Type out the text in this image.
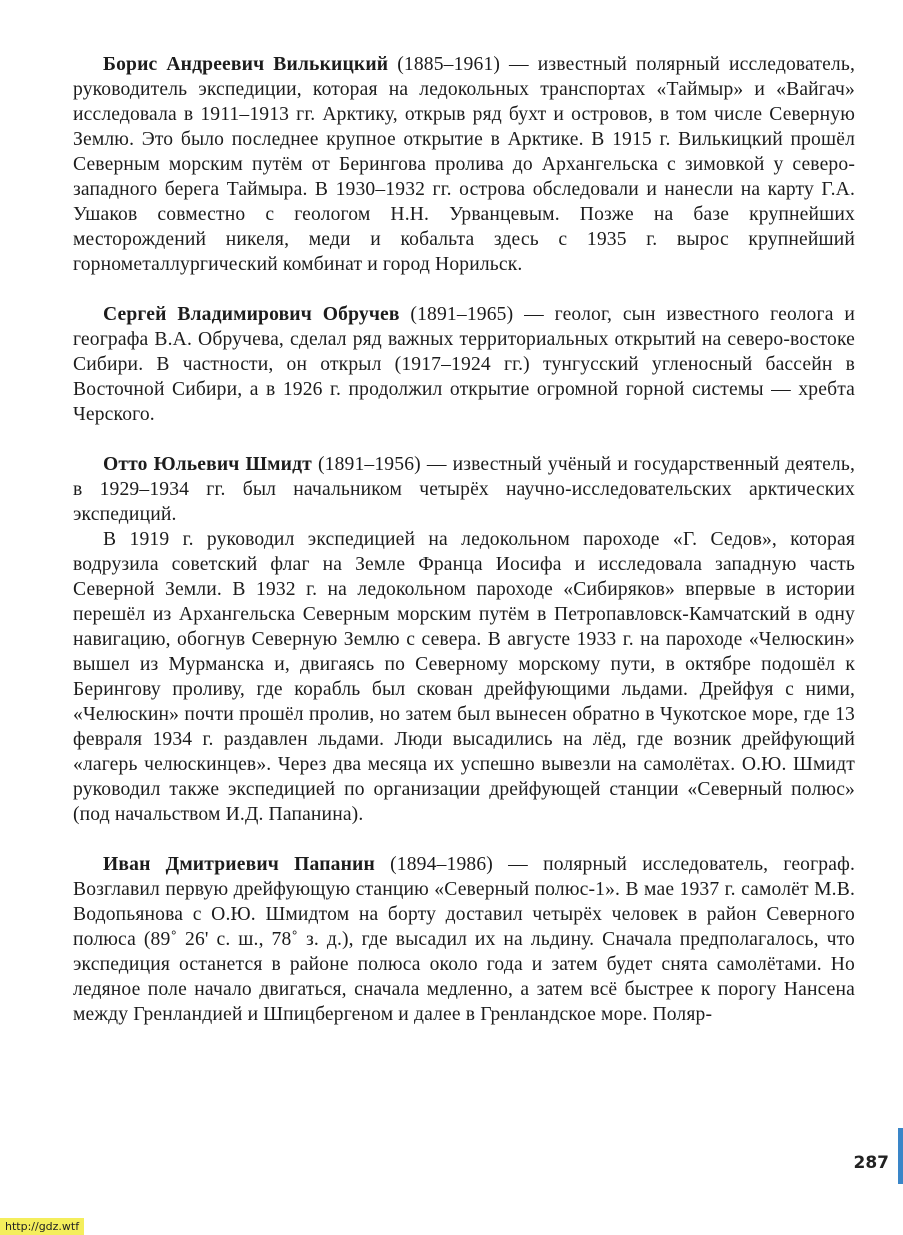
Борис Андреевич Вилькицкий (1885–1961) — известный полярный исследователь, руководитель экспедиции, которая на ледокольных транспортах «Таймыр» и «Вайгач» исследовала в 1911–1913 гг. Арктику, открыв ряд бухт и островов, в том числе Северную Землю. Это было последнее крупное открытие в Арктике. В 1915 г. Вилькицкий прошёл Северным морским путём от Берингова пролива до Архангельска с зимовкой у северо-западного берега Таймыра. В 1930–1932 гг. острова обследовали и нанесли на карту Г.А. Ушаков совместно с геологом Н.Н. Урванцевым. Позже на базе крупнейших месторождений никеля, меди и кобальта здесь с 1935 г. вырос крупнейший горнометаллургический комбинат и город Норильск.

Сергей Владимирович Обручев (1891–1965) — геолог, сын известного геолога и географа В.А. Обручева, сделал ряд важных территориальных открытий на северо-востоке Сибири. В частности, он открыл (1917–1924 гг.) тунгусский угленосный бассейн в Восточной Сибири, а в 1926 г. продолжил открытие огромной горной системы — хребта Черского.

Отто Юльевич Шмидт (1891–1956) — известный учёный и государственный деятель, в 1929–1934 гг. был начальником четырёх научно-исследовательских арктических экспедиций.

В 1919 г. руководил экспедицией на ледокольном пароходе «Г. Седов», которая водрузила советский флаг на Земле Франца Иосифа и исследовала западную часть Северной Земли. В 1932 г. на ледокольном пароходе «Сибиряков» впервые в истории перешёл из Архангельска Северным морским путём в Петропавловск-Камчатский в одну навигацию, обогнув Северную Землю с севера. В августе 1933 г. на пароходе «Челюскин» вышел из Мурманска и, двигаясь по Северному морскому пути, в октябре подошёл к Берингову проливу, где корабль был скован дрейфующими льдами. Дрейфуя с ними, «Челюскин» почти прошёл пролив, но затем был вынесен обратно в Чукотское море, где 13 февраля 1934 г. раздавлен льдами. Люди высадились на лёд, где возник дрейфующий «лагерь челюскинцев». Через два месяца их успешно вывезли на самолётах. О.Ю. Шмидт руководил также экспедицией по организации дрейфующей станции «Северный полюс» (под начальством И.Д. Папанина).

Иван Дмитриевич Папанин (1894–1986) — полярный исследователь, географ. Возглавил первую дрейфующую станцию «Северный полюс-1». В мае 1937 г. самолёт М.В. Водопьянова с О.Ю. Шмидтом на борту доставил четырёх человек в район Северного полюса (89˚ 26' с. ш., 78˚ з. д.), где высадил их на льдину. Сначала предполагалось, что экспедиция останется в районе полюса около года и затем будет снята самолётами. Но ледяное поле начало двигаться, сначала медленно, а затем всё быстрее к порогу Нансена между Гренландией и Шпицбергеном и далее в Гренландское море. Поляр-

287
http://gdz.wtf
